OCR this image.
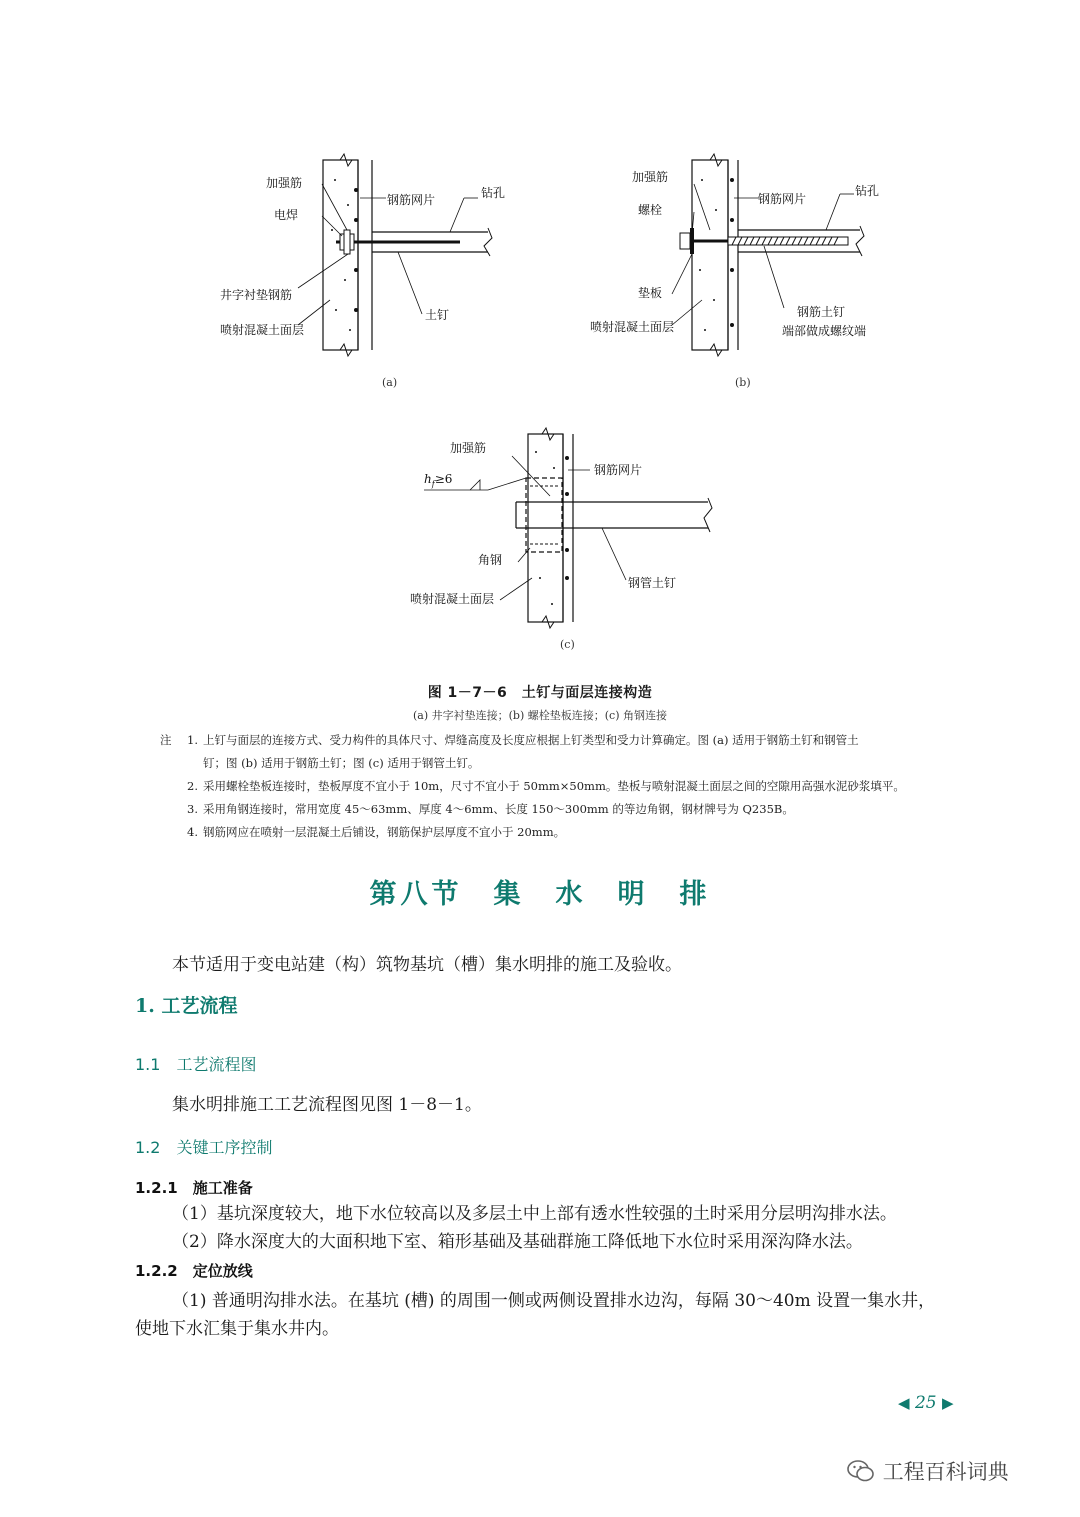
加强筋
电焊
钢筋网片	钻孔
井字衬垫钢筋
喷射混凝土面层
土钉
(a)
加强筋
螺栓
钢筋网片
钻孔
垫板
喷射混凝土面层
钢筋土钉
端部做成螺纹端
(b)
加强筋
钢筋网片
$h_f\ge 6$
角钢
喷射混凝土面层
钢管土钉
(c)
图 1－7－6　土钉与面层连接构造
(a) 井字衬垫连接；(b) 螺栓垫板连接；(c) 角钢连接
注 1. 上钉与面层的连接方式、受力构件的具体尺寸、焊缝高度及长度应根据上钉类型和受力计算确定。图 (a) 适用于钢筋土钉和钢管土
钉；图 (b) 适用于钢筋土钉；图 (c) 适用于钢管土钉。
2. 采用螺栓垫板连接时，垫板厚度不宜小于 10m，尺寸不宜小于 50mm×50mm。垫板与喷射混凝土面层之间的空隙用高强水泥砂浆填平。
3. 采用角钢连接时，常用宽度 45～63mm、厚度 4～6mm、长度 150～300mm 的等边角钢，钢材牌号为 Q235B。
4. 钢筋网应在喷射一层混凝土后铺设，钢筋保护层厚度不宜小于 20mm。
第八节　集　水　明　排
本节适用于变电站建（构）筑物基坑（槽）集水明排的施工及验收。
1. 工艺流程
1.1　工艺流程图
集水明排施工工艺流程图见图 1－8－1。
1.2　关键工序控制
1.2.1　施工准备
（1）基坑深度较大，地下水位较高以及多层土中上部有透水性较强的土时采用分层明沟排水法。
（2）降水深度大的大面积地下室、箱形基础及基础群施工降低地下水位时采用深沟降水法。
1.2.2　定位放线
（1) 普通明沟排水法。在基坑 (槽) 的周围一侧或两侧设置排水边沟，每隔 30～40m 设置一集水井，
使地下水汇集于集水井内。
◀ 25 ▶
工程百科词典
